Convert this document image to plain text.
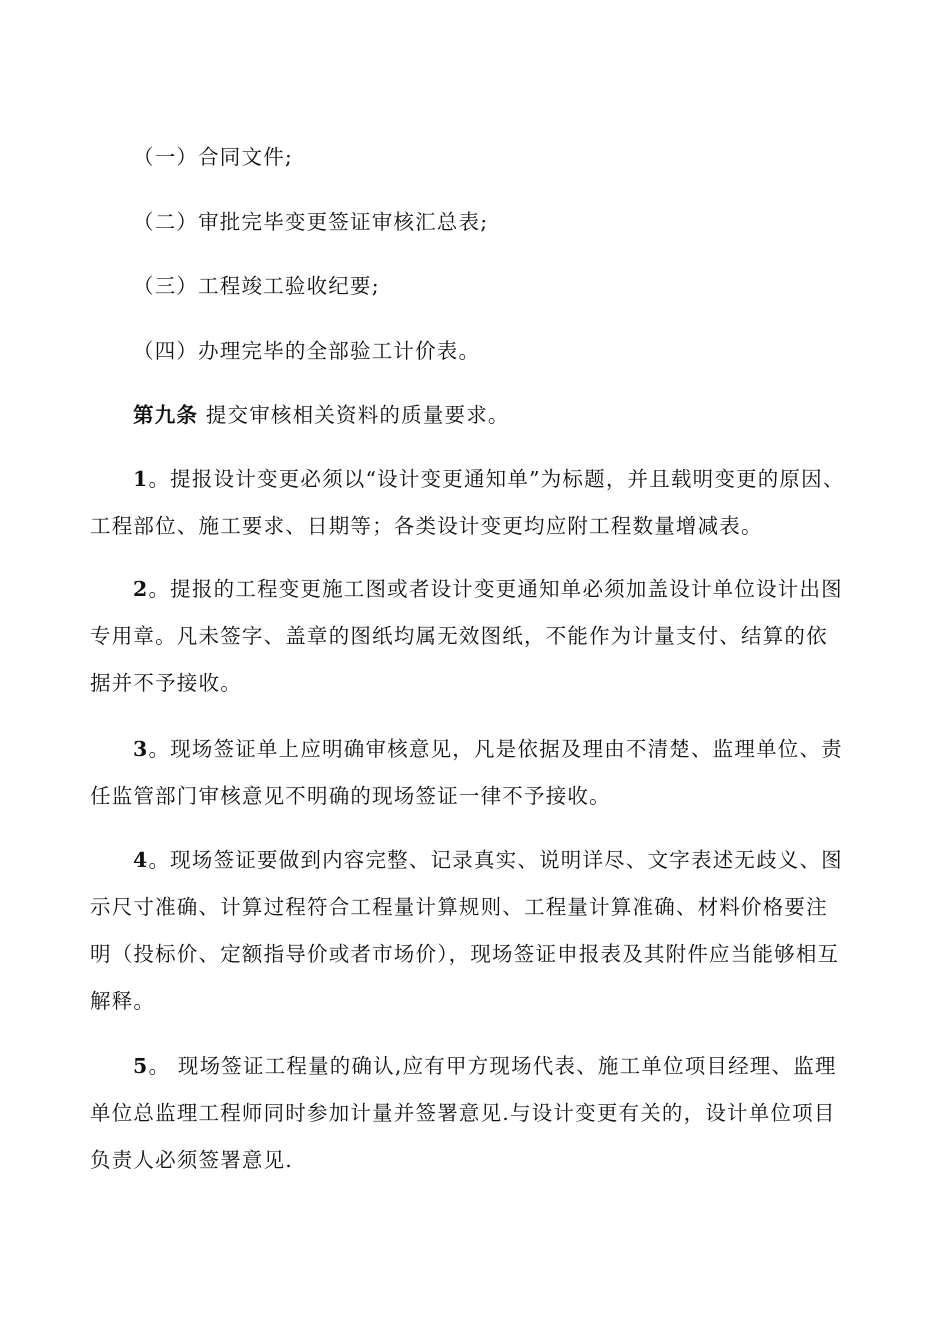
（一）合同文件;
（二）审批完毕变更签证审核汇总表;
（三）工程竣工验收纪要;
（四）办理完毕的全部验工计价表。
第九条 提交审核相关资料的质量要求。
1。提报设计变更必须以“设计变更通知单”为标题，并且载明变更的原因、
工程部位、施工要求、日期等；各类设计变更均应附工程数量增减表。
2。提报的工程变更施工图或者设计变更通知单必须加盖设计单位设计出图
专用章。凡未签字、盖章的图纸均属无效图纸，不能作为计量支付、结算的依
据并不予接收。
3。现场签证单上应明确审核意见，凡是依据及理由不清楚、监理单位、责
任监管部门审核意见不明确的现场签证一律不予接收。
4。现场签证要做到内容完整、记录真实、说明详尽、文字表述无歧义、图
示尺寸准确、计算过程符合工程量计算规则、工程量计算准确、材料价格要注
明（投标价、定额指导价或者市场价），现场签证申报表及其附件应当能够相互
解释。
5。 现场签证工程量的确认,应有甲方现场代表、施工单位项目经理、监理
单位总监理工程师同时参加计量并签署意见.与设计变更有关的，设计单位项目
负责人必须签署意见.
